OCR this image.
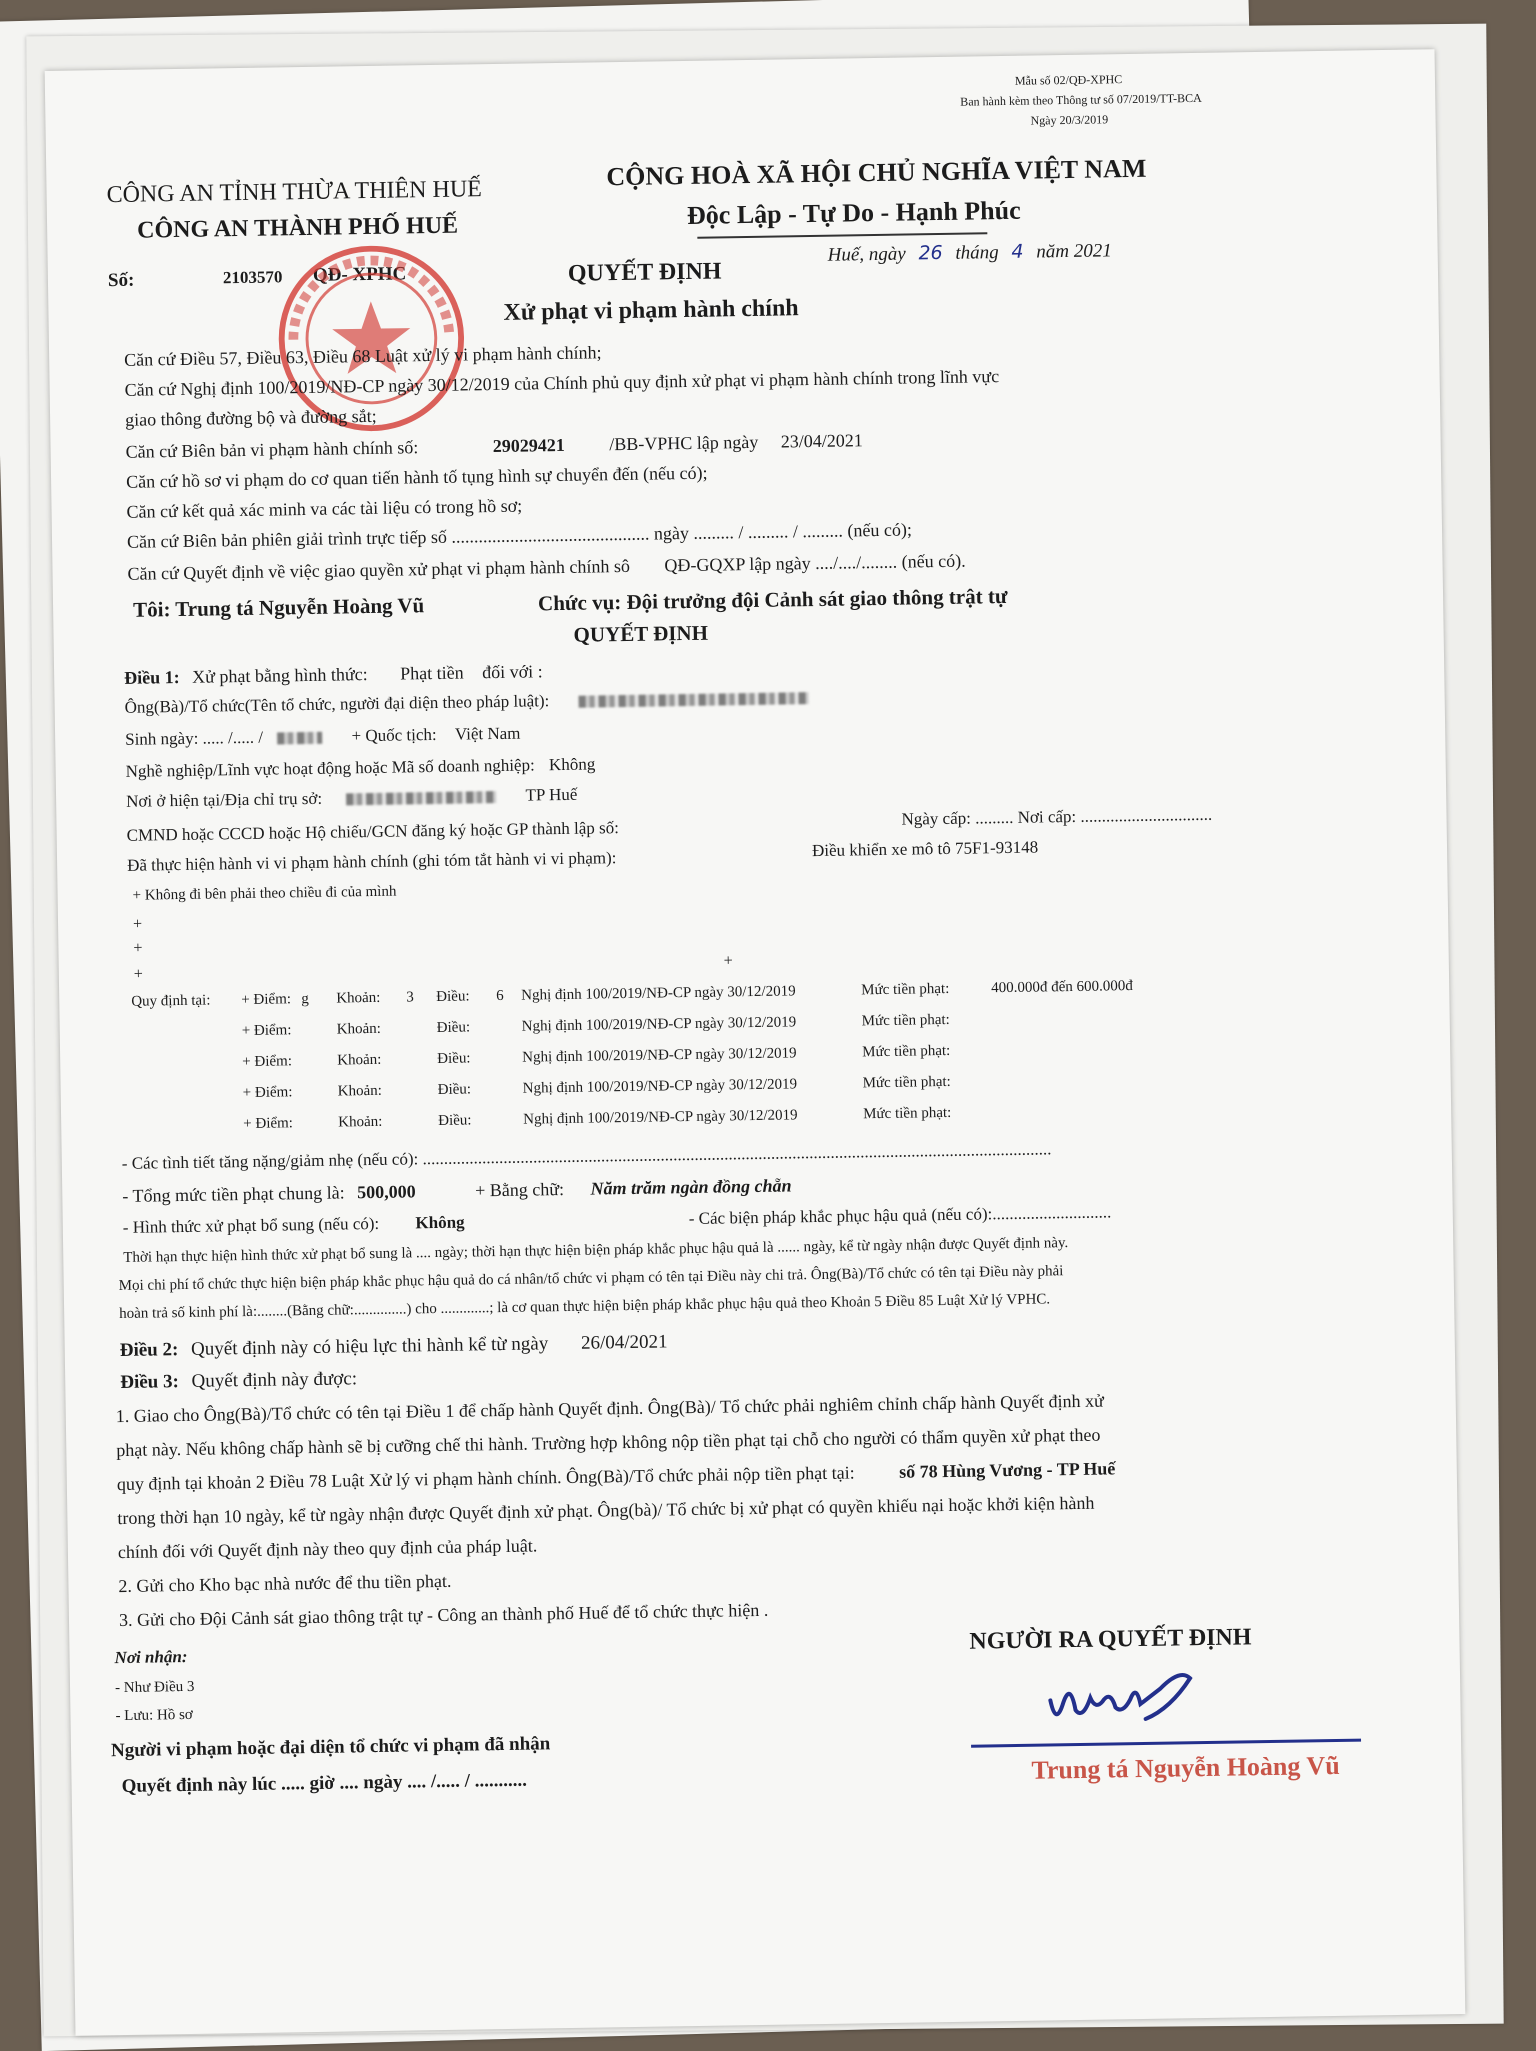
Mẫu số 02/QĐ-XPHC
Ban hành kèm theo Thông tư số 07/2019/TT-BCA
Ngày 20/3/2019
CÔNG AN TỈNH THỪA THIÊN HUẾ
CÔNG AN THÀNH PHỐ HUẾ
Số:	2103570 QĐ- XPHC
CỘNG HOÀ XÃ HỘI CHỦ NGHĨA VIỆT NAM
Độc Lập - Tự Do - Hạnh Phúc
Huế, ngày 26 tháng 4 năm 2021
QUYẾT ĐỊNH
Xử phạt vi phạm hành chính
Căn cứ Điều 57, Điều 63, Điều 68 Luật xử lý vi phạm hành chính;
Căn cứ Nghị định 100/2019/NĐ-CP ngày 30/12/2019 của Chính phủ quy định xử phạt vi phạm hành chính trong lĩnh vực
giao thông đường bộ và đường sắt;
Căn cứ Biên bản vi phạm hành chính số:	29029421 /BB-VPHC lập ngày 23/04/2021
Căn cứ hồ sơ vi phạm do cơ quan tiến hành tố tụng hình sự chuyển đến (nếu có);
Căn cứ kết quả xác minh va các tài liệu có trong hồ sơ;
Căn cứ Biên bản phiên giải trình trực tiếp số ............................................ ngày ......... / ......... / ......... (nếu có);
Căn cứ Quyết định về việc giao quyền xử phạt vi phạm hành chính sô QĐ-GQXP lập ngày ..../..../........ (nếu có).
Tôi: Trung tá Nguyễn Hoàng Vũ	Chức vụ: Đội trưởng đội Cảnh sát giao thông trật tự
QUYẾT ĐỊNH
Điều 1: Xử phạt bằng hình thức: Phạt tiền đối với :
Ông(Bà)/Tổ chức(Tên tổ chức, người đại diện theo pháp luật):
Sinh ngày: ..... /..... /	+ Quốc tịch: Việt Nam
Nghề nghiệp/Lĩnh vực hoạt động hoặc Mã số doanh nghiệp: Không
Nơi ở hiện tại/Địa chỉ trụ sở:	TP Huế
CMND hoặc CCCD hoặc Hộ chiếu/GCN đăng ký hoặc GP thành lập số:
Ngày cấp: ......... Nơi cấp: ...............................
Đã thực hiện hành vi vi phạm hành chính (ghi tóm tắt hành vi vi phạm):	Điều khiển xe mô tô 75F1-93148
+ Không đi bên phải theo chiều đi của mình
+
+
+
+
Quy định tại: + Điểm: g Khoản: 3 Điều: 6 Nghị định 100/2019/NĐ-CP ngày 30/12/2019	Mức tiền phạt:	400.000đ đến 600.000đ
+ Điểm:	Khoản:	Điều:	Nghị định 100/2019/NĐ-CP ngày 30/12/2019	Mức tiền phạt:
+ Điểm:	Khoản:	Điều:	Nghị định 100/2019/NĐ-CP ngày 30/12/2019	Mức tiền phạt:
+ Điểm:	Khoản:	Điều:	Nghị định 100/2019/NĐ-CP ngày 30/12/2019	Mức tiền phạt:
+ Điểm:	Khoản:	Điều:	Nghị định 100/2019/NĐ-CP ngày 30/12/2019	Mức tiền phạt:
- Các tình tiết tăng nặng/giảm nhẹ (nếu có): ....................................................................................................................................................
- Tổng mức tiền phạt chung là: 500,000	+ Bằng chữ: Năm trăm ngàn đồng chẵn
- Hình thức xử phạt bổ sung (nếu có): Không	- Các biện pháp khắc phục hậu quả (nếu có):............................
Thời hạn thực hiện hình thức xử phạt bổ sung là .... ngày; thời hạn thực hiện biện pháp khắc phục hậu quả là ...... ngày, kể từ ngày nhận được Quyết định này.
Mọi chi phí tổ chức thực hiện biện pháp khắc phục hậu quả do cá nhân/tổ chức vi phạm có tên tại Điều này chi trả. Ông(Bà)/Tổ chức có tên tại Điều này phải
hoàn trả số kinh phí là:........(Bằng chữ:..............) cho .............; là cơ quan thực hiện biện pháp khắc phục hậu quả theo Khoản 5 Điều 85 Luật Xử lý VPHC.
Điều 2: Quyết định này có hiệu lực thi hành kể từ ngày 26/04/2021
Điều 3: Quyết định này được:
1. Giao cho Ông(Bà)/Tổ chức có tên tại Điều 1 để chấp hành Quyết định. Ông(Bà)/ Tổ chức phải nghiêm chỉnh chấp hành Quyết định xử
phạt này. Nếu không chấp hành sẽ bị cưỡng chế thi hành. Trường hợp không nộp tiền phạt tại chỗ cho người có thẩm quyền xử phạt theo
quy định tại khoản 2 Điều 78 Luật Xử lý vi phạm hành chính. Ông(Bà)/Tổ chức phải nộp tiền phạt tại: số 78 Hùng Vương - TP Huế
trong thời hạn 10 ngày, kể từ ngày nhận được Quyết định xử phạt. Ông(bà)/ Tổ chức bị xử phạt có quyền khiếu nại hoặc khởi kiện hành
chính đối với Quyết định này theo quy định của pháp luật.
2. Gửi cho Kho bạc nhà nước để thu tiền phạt.
3. Gửi cho Đội Cảnh sát giao thông trật tự - Công an thành phố Huế để tổ chức thực hiện .
Nơi nhận:
- Như Điều 3
- Lưu: Hồ sơ
Người vi phạm hoặc đại diện tổ chức vi phạm đã nhận
Quyết định này lúc ..... giờ .... ngày .... /..... / ...........
NGƯỜI RA QUYẾT ĐỊNH
Trung tá Nguyễn Hoàng Vũ
